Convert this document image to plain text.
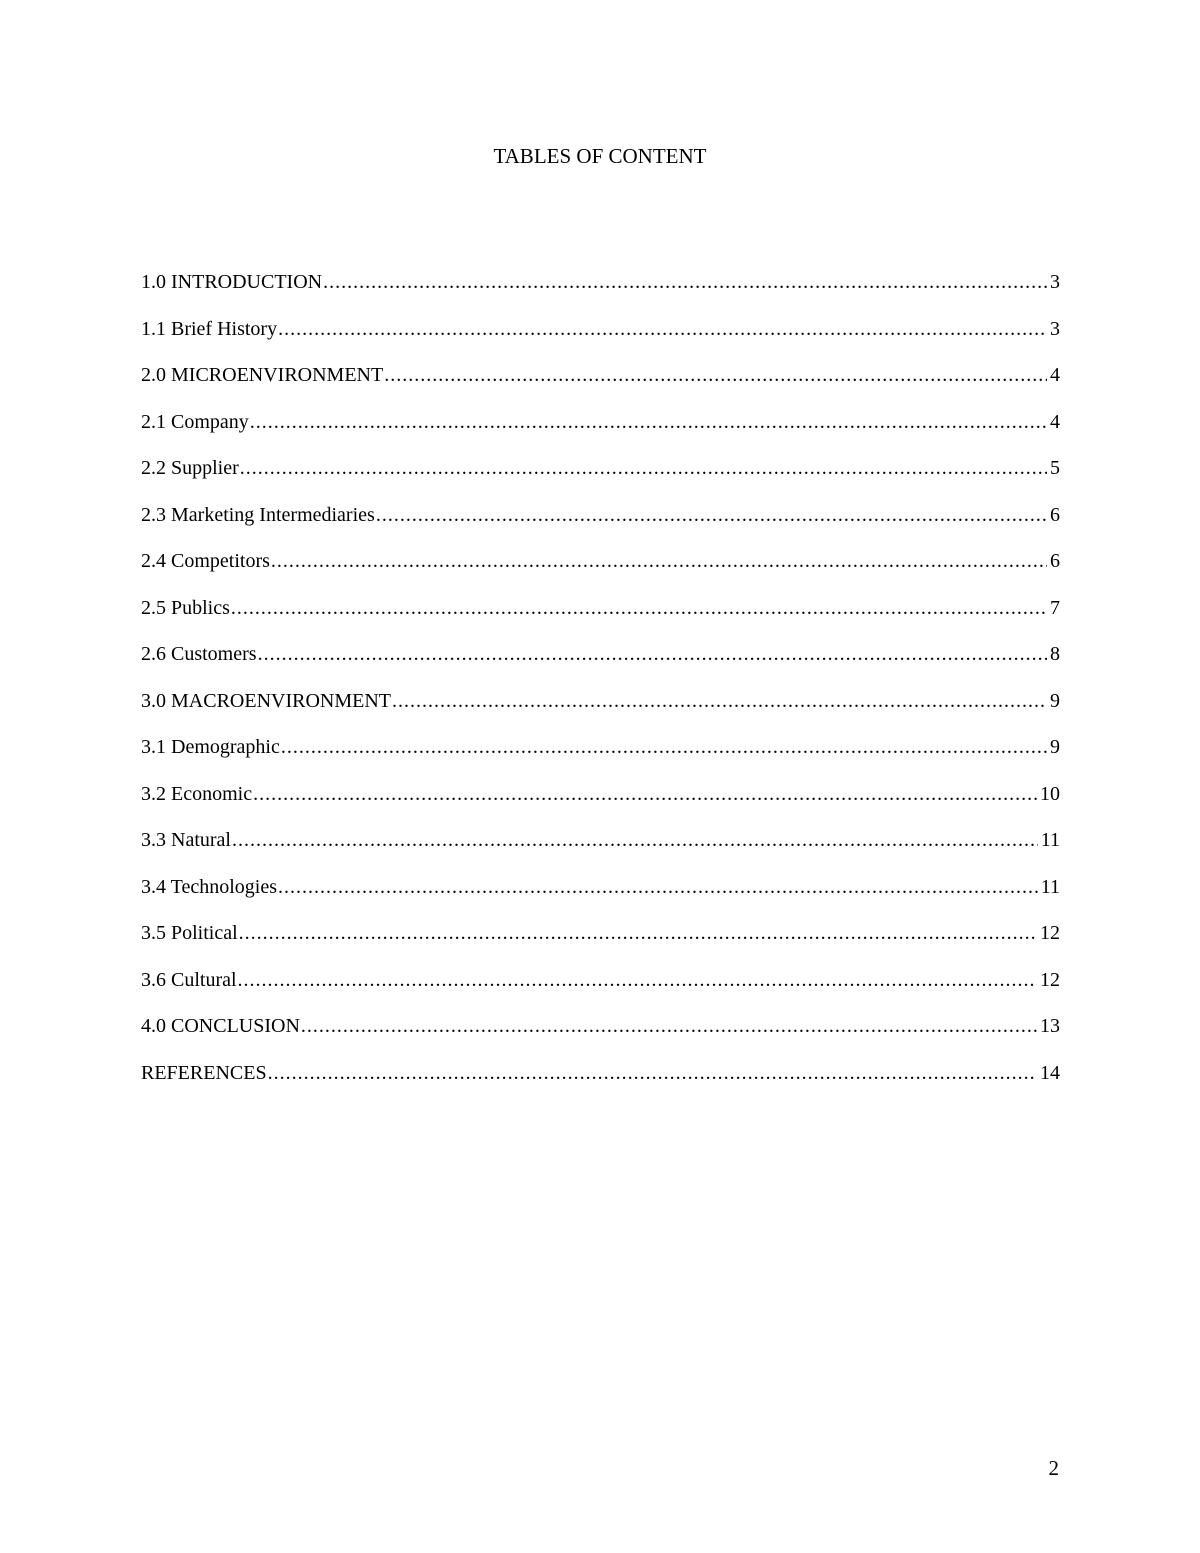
TABLES OF CONTENT
1.0 INTRODUCTION .....	3
1.1 Brief History .....	3
2.0 MICROENVIRONMENT .....	4
2.1 Company .....	4
2.2 Supplier .....	5
2.3 Marketing Intermediaries .....	6
2.4 Competitors .....	6
2.5 Publics .....	7
2.6 Customers .....	8
3.0 MACROENVIRONMENT .....	9
3.1 Demographic .....	9
3.2 Economic .....	10
3.3 Natural .....	11
3.4 Technologies .....	11
3.5 Political .....	12
3.6 Cultural .....	12
4.0 CONCLUSION .....	13
REFERENCES .....	14
2
